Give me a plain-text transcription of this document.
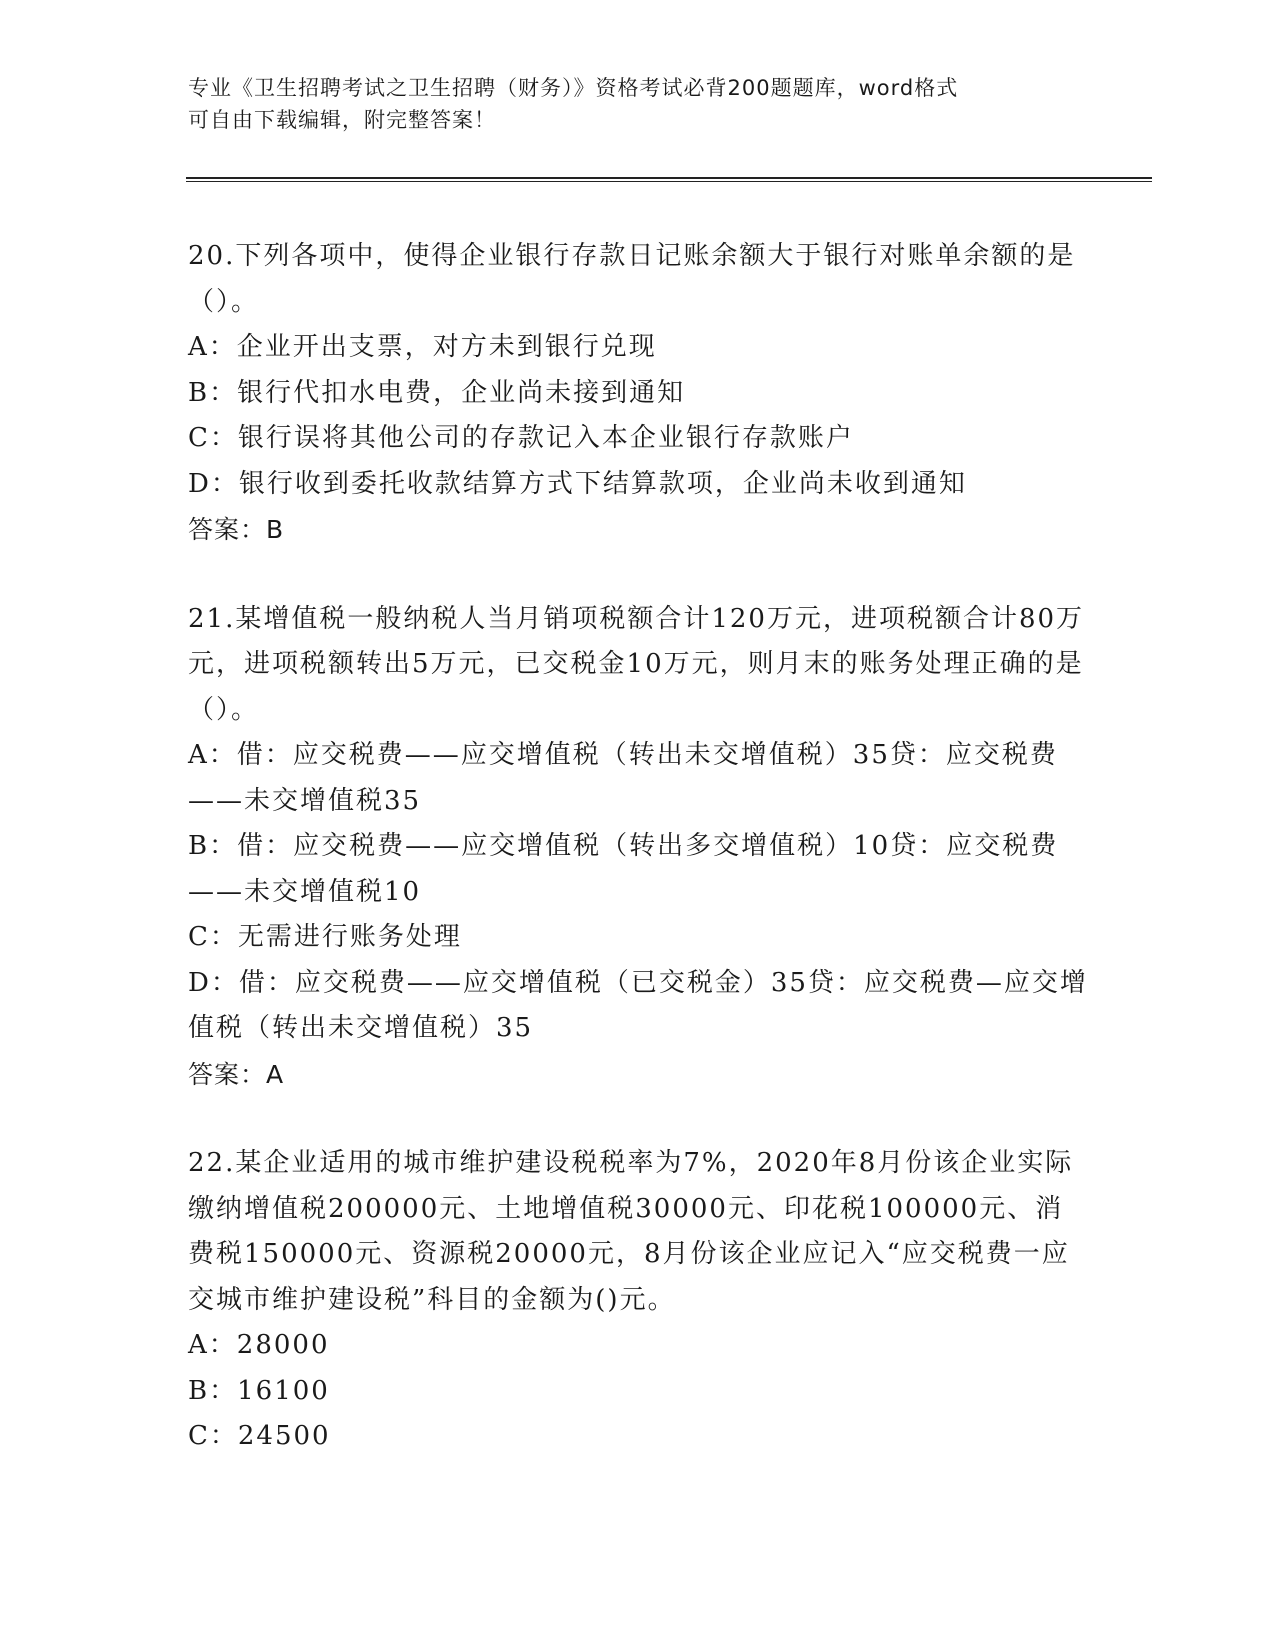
专业《卫生招聘考试之卫生招聘（财务）》资格考试必背200题题库，word格式
可自由下载编辑，附完整答案！

20.下列各项中，使得企业银行存款日记账余额大于银行对账单余额的是（）。

A：企业开出支票，对方未到银行兑现

B：银行代扣水电费，企业尚未接到通知

C：银行误将其他公司的存款记入本企业银行存款账户

D：银行收到委托收款结算方式下结算款项，企业尚未收到通知

答案：B

21.某增值税一般纳税人当月销项税额合计120万元，进项税额合计80万元，进项税额转出5万元，已交税金10万元，则月末的账务处理正确的是（）。

A：借：应交税费——应交增值税（转出未交增值税）35贷：应交税费——未交增值税35

B：借：应交税费——应交增值税（转出多交增值税）10贷：应交税费——未交增值税10

C：无需进行账务处理

D：借：应交税费——应交增值税（已交税金）35贷：应交税费—应交增值税（转出未交增值税）35

答案：A

22.某企业适用的城市维护建设税税率为7%，2020年8月份该企业实际缴纳增值税200000元、土地增值税30000元、印花税100000元、消费税150000元、资源税20000元，8月份该企业应记入“应交税费一应交城市维护建设税”科目的金额为()元。

A：28000

B：16100

C：24500
